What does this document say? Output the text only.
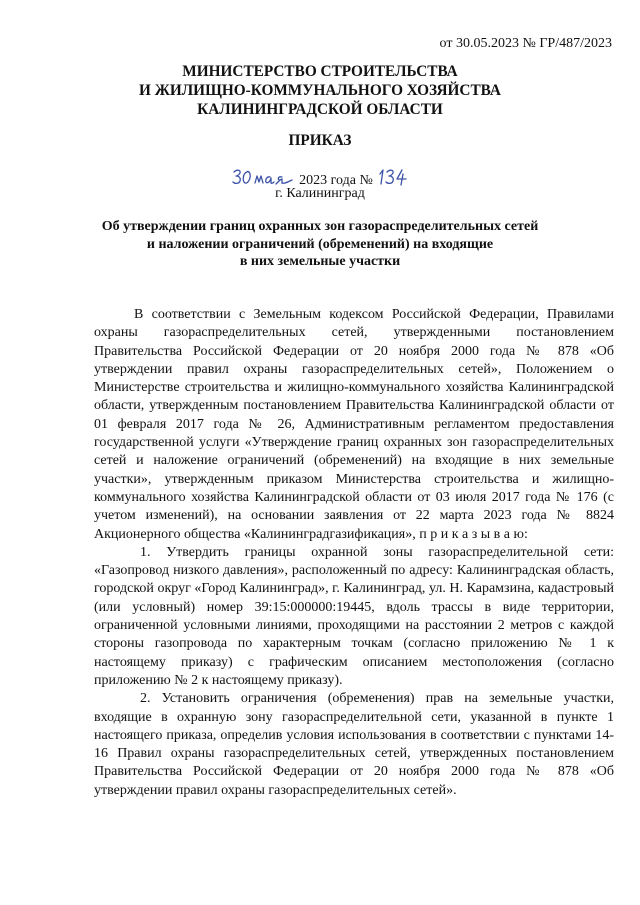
от 30.05.2023 № ГР/487/2023
МИНИСТЕРСТВО СТРОИТЕЛЬСТВА
И ЖИЛИЩНО-КОММУНАЛЬНОГО ХОЗЯЙСТВА
КАЛИНИНГРАДСКОЙ ОБЛАСТИ
ПРИКАЗ
2023 года №
г. Калининград
Об утверждении границ охранных зон газораспределительных сетей
и наложении ограничений (обременений) на входящие
в них земельные участки

В соответствии с Земельным кодексом Российской Федерации, Правилами охраны газораспределительных сетей, утвержденными постановлением Правительства Российской Федерации от 20 ноября 2000 года № 878 «Об утверждении правил охраны газораспределительных сетей», Положением о Министерстве строительства и жилищно-коммунального хозяйства Калининградской области, утвержденным постановлением Правительства Калининградской области от 01 февраля 2017 года № 26, Административным регламентом предоставления государственной услуги «Утверждение границ охранных зон газораспределительных сетей и наложение ограничений (обременений) на входящие в них земельные участки», утвержденным приказом Министерства строительства и жилищно-коммунального хозяйства Калининградской области от 03 июля 2017 года № 176 (с учетом изменений), на основании заявления от 22 марта 2023 года № 8824 Акционерного общества «Калининградгазификация», п р и к а з ы в а ю:

1. Утвердить границы охранной зоны газораспределительной сети: «Газопровод низкого давления», расположенный по адресу: Калининградская область, городской округ «Город Калининград», г. Калининград, ул. Н. Карамзина, кадастровый (или условный) номер 39:15:000000:19445, вдоль трассы в виде территории, ограниченной условными линиями, проходящими на расстоянии 2 метров с каждой стороны газопровода по характерным точкам (согласно приложению № 1 к настоящему приказу) с графическим описанием местоположения (согласно приложению № 2 к настоящему приказу).

2. Установить ограничения (обременения) прав на земельные участки, входящие в охранную зону газораспределительной сети, указанной в пункте 1 настоящего приказа, определив условия использования в соответствии с пунктами 14-16 Правил охраны газораспределительных сетей, утвержденных постановлением Правительства Российской Федерации от 20 ноября 2000 года № 878 «Об утверждении правил охраны газораспределительных сетей».
